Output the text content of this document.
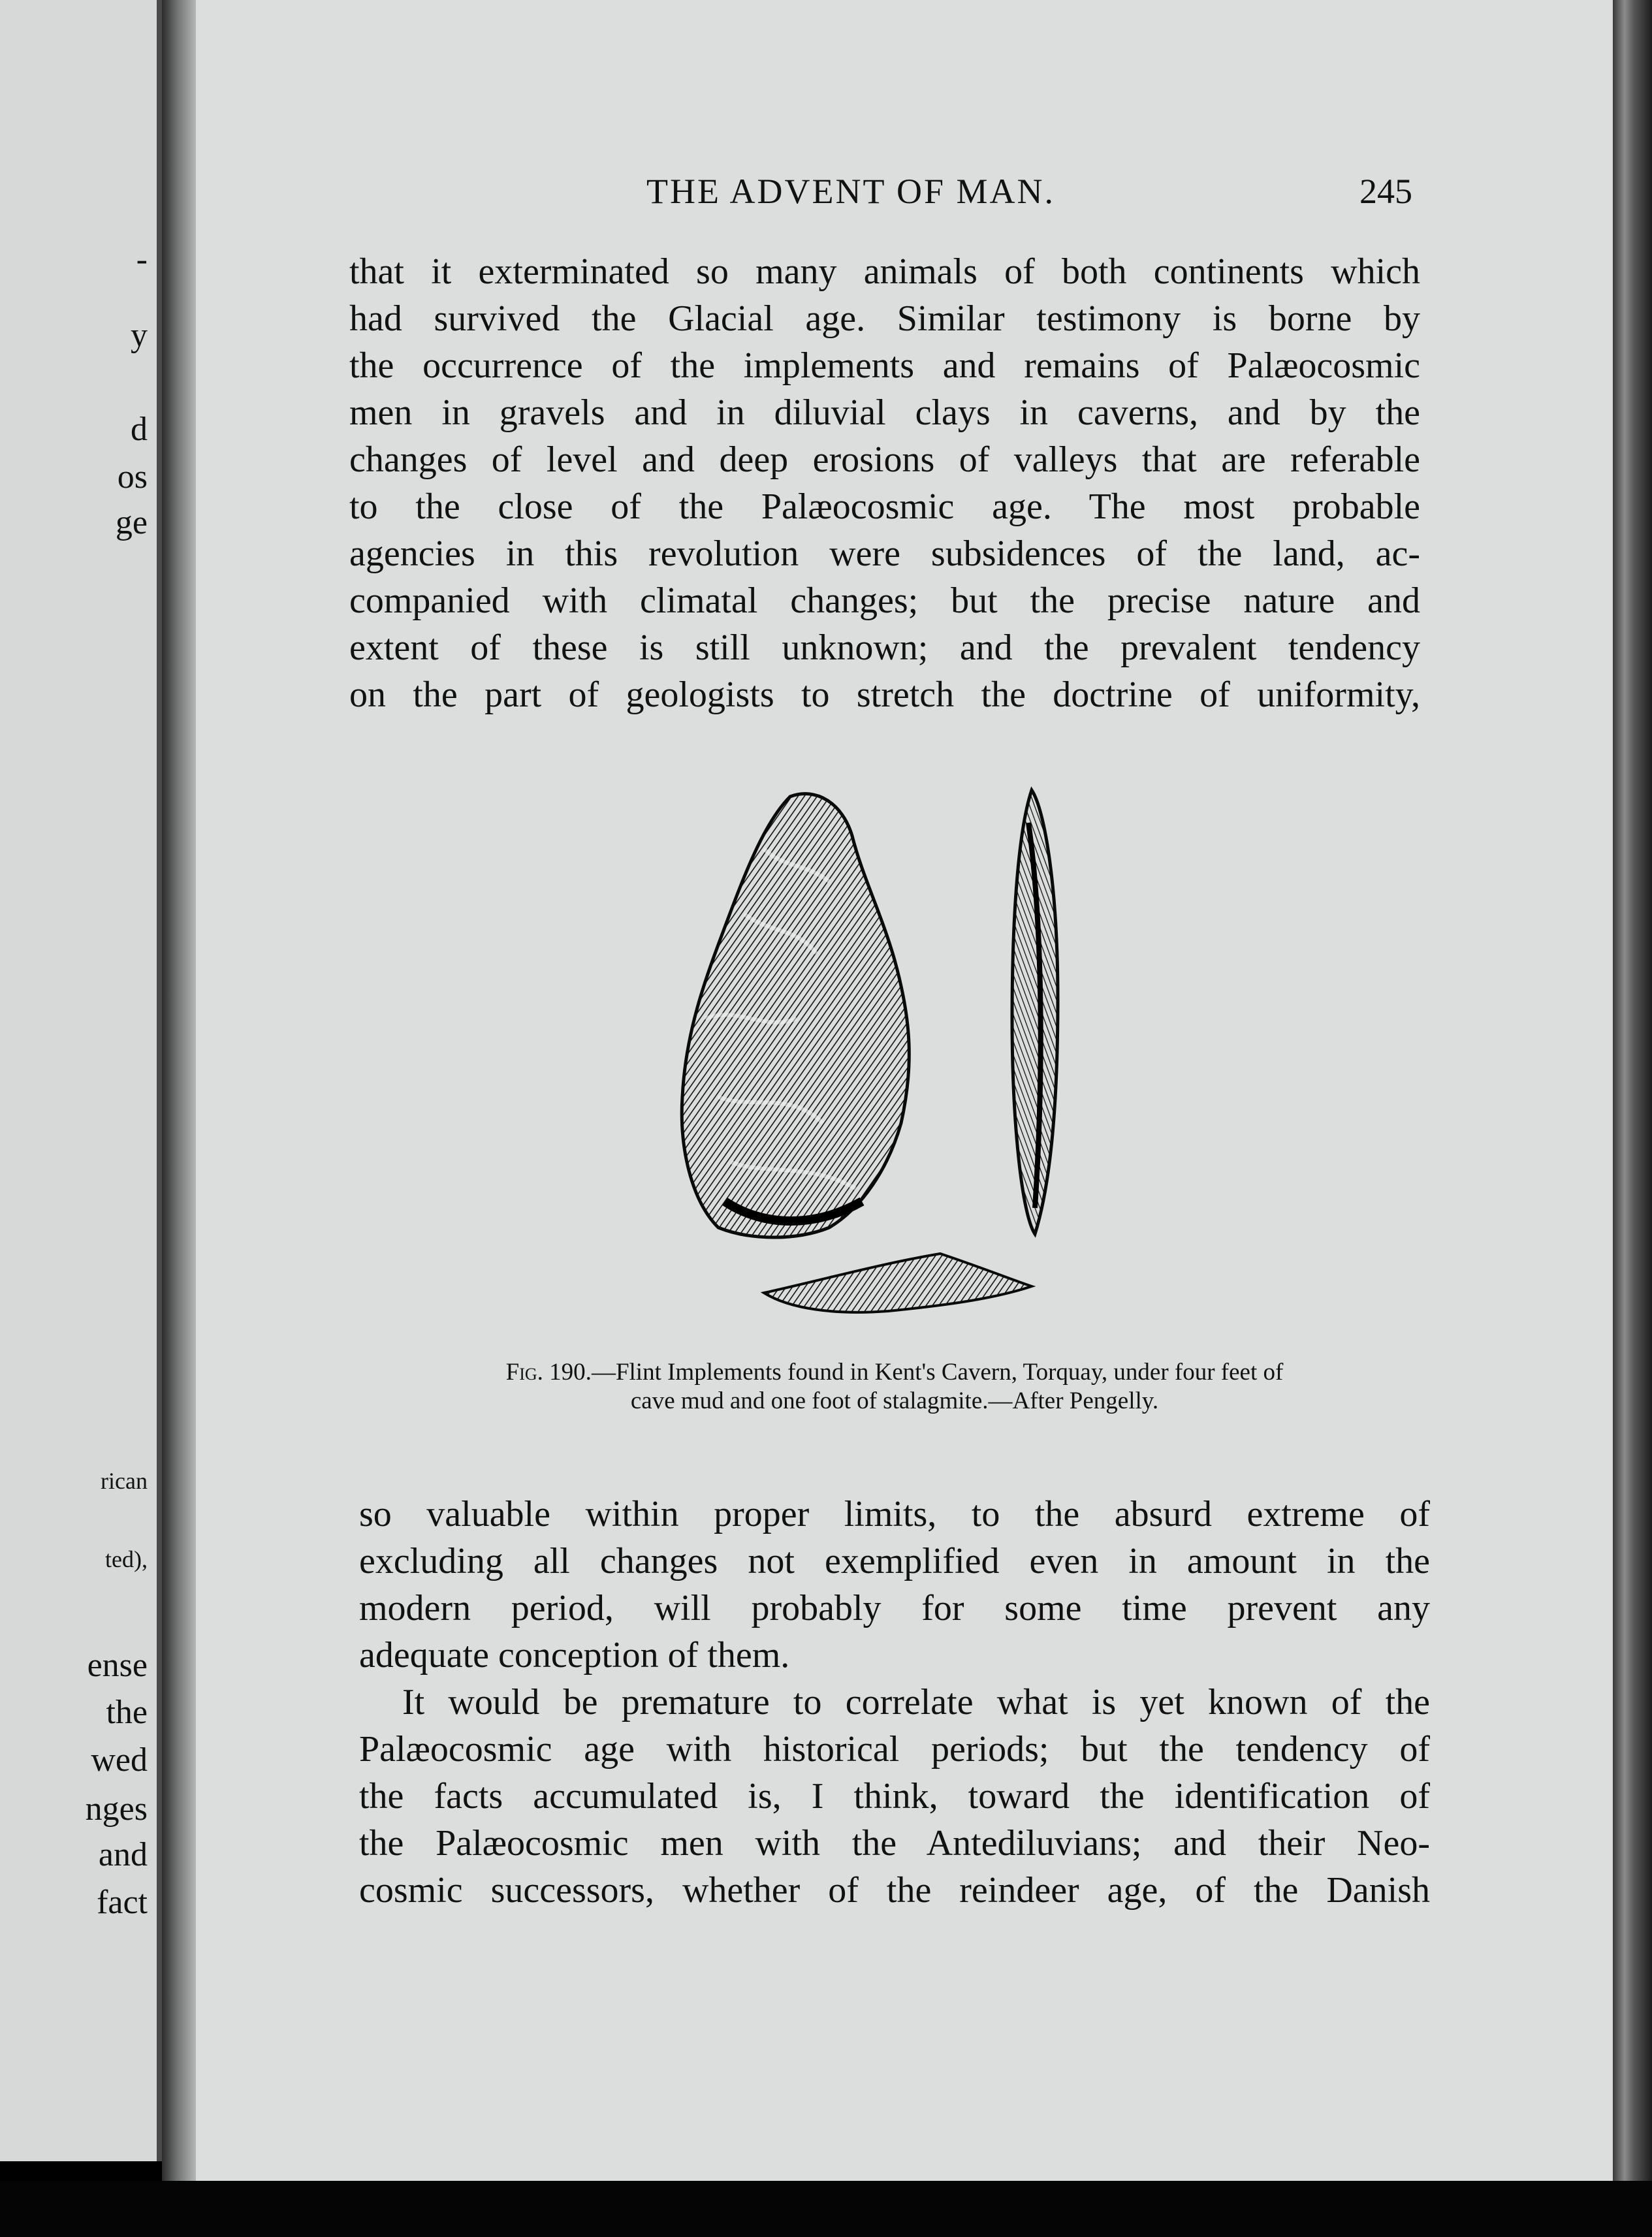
-
y
d
os
ge
rican
ted),
ense
the
wed
nges
and
fact
THE ADVENT OF MAN.	245
that it exterminated so many animals of both continents which
had survived the Glacial age. Similar testimony is borne by
the occurrence of the implements and remains of Palæocosmic
men in gravels and in diluvial clays in caverns, and by the
changes of level and deep erosions of valleys that are referable
to the close of the Palæocosmic age. The most probable
agencies in this revolution were subsidences of the land, ac-
companied with climatal changes; but the precise nature and
extent of these is still unknown; and the prevalent tendency
on the part of geologists to stretch the doctrine of uniformity,
Fig. 190.—Flint Implements found in Kent's Cavern, Torquay, under four feet of
cave mud and one foot of stalagmite.—After Pengelly.
so valuable within proper limits, to the absurd extreme of
excluding all changes not exemplified even in amount in the
modern period, will probably for some time prevent any
adequate conception of them.
It would be premature to correlate what is yet known of the
Palæocosmic age with historical periods; but the tendency of
the facts accumulated is, I think, toward the identification of
the Palæocosmic men with the Antediluvians; and their Neo-
cosmic successors, whether of the reindeer age, of the Danish
